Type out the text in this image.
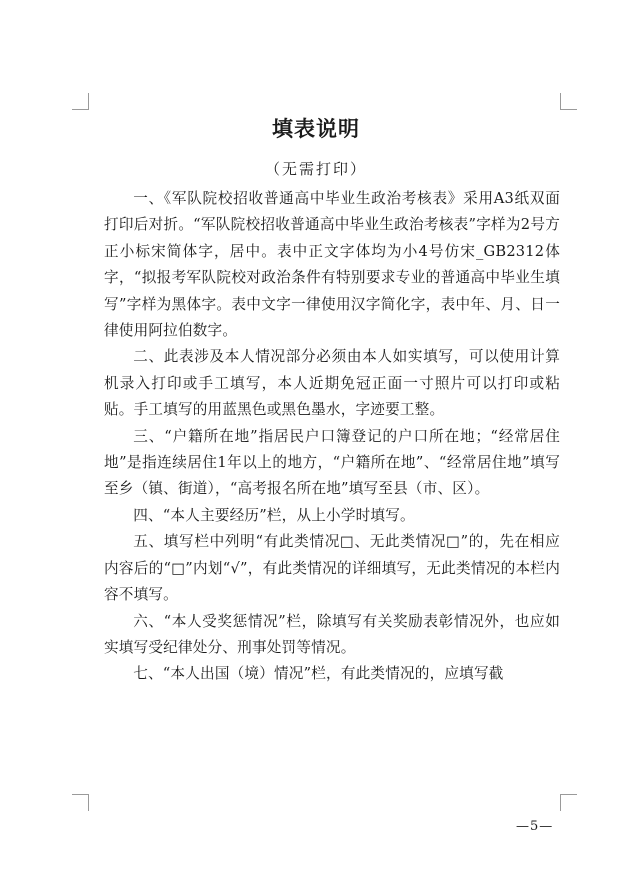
填表说明
（无需打印）

一、《军队院校招收普通高中毕业生政治考核表》采用A3纸双面打印后对折。“军队院校招收普通高中毕业生政治考核表”字样为2号方正小标宋简体字，居中。表中正文字体均为小4号仿宋_GB2312体字，“拟报考军队院校对政治条件有特别要求专业的普通高中毕业生填写”字样为黑体字。表中文字一律使用汉字简化字，表中年、月、日一律使用阿拉伯数字。

二、此表涉及本人情况部分必须由本人如实填写，可以使用计算机录入打印或手工填写，本人近期免冠正面一寸照片可以打印或粘贴。手工填写的用蓝黑色或黑色墨水，字迹要工整。

三、“户籍所在地”指居民户口簿登记的户口所在地；“经常居住地”是指连续居住1年以上的地方，“户籍所在地”、“经常居住地”填写至乡（镇、街道），“高考报名所在地”填写至县（市、区）。

四、“本人主要经历”栏，从上小学时填写。

五、填写栏中列明“有此类情况□、无此类情况□”的，先在相应内容后的“□”内划“√”，有此类情况的详细填写，无此类情况的本栏内容不填写。

六、“本人受奖惩情况”栏，除填写有关奖励表彰情况外，也应如实填写受纪律处分、刑事处罚等情况。

七、“本人出国（境）情况”栏，有此类情况的，应填写截

—5—
